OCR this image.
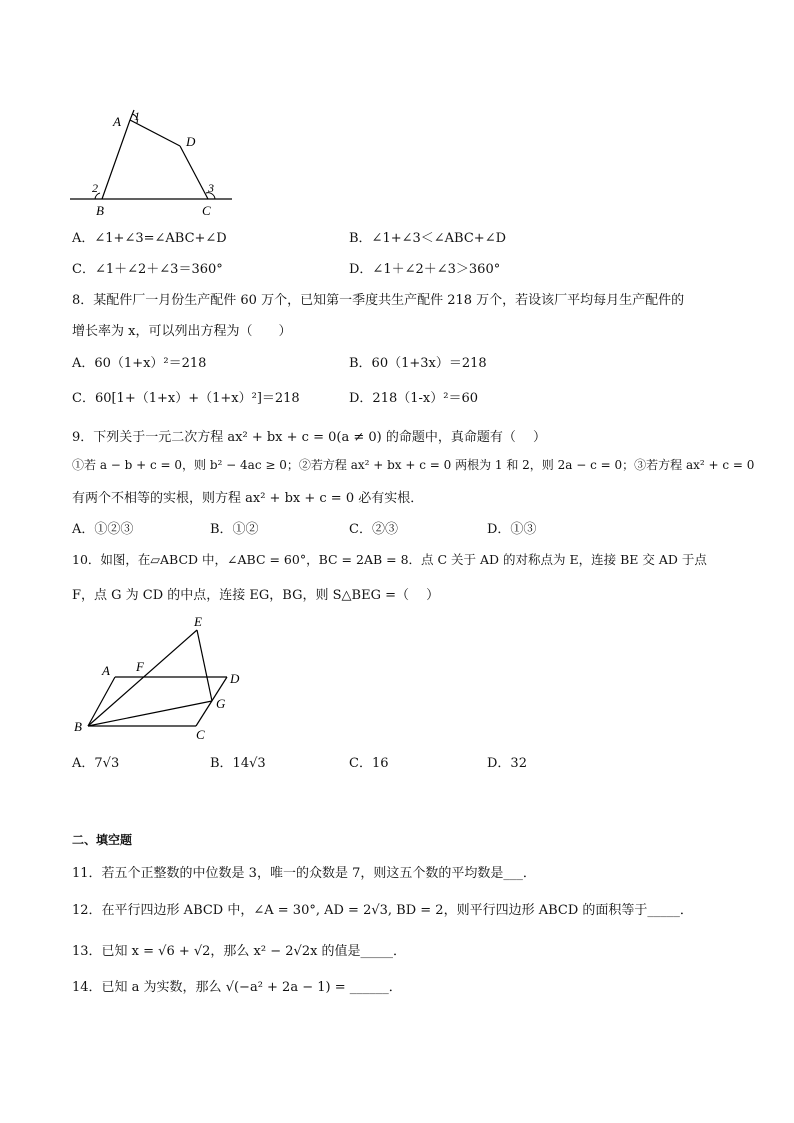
A 1
D
2	3
B	C
A．∠1+∠3=∠ABC+∠D	B．∠1+∠3＜∠ABC+∠D
C．∠1＋∠2＋∠3＝360°	D．∠1＋∠2＋∠3＞360°
8．某配件厂一月份生产配件 60 万个，已知第一季度共生产配件 218 万个，若设该厂平均每月生产配件的
增长率为 x，可以列出方程为（　　）
A．60（1+x）²＝218	B．60（1+3x）＝218
C．60[1+（1+x）+（1+x）²]＝218	D．218（1-x）²＝60
9．下列关于一元二次方程 ax² + bx + c = 0(a ≠ 0) 的命题中，真命题有（　 ）
①若 a − b + c = 0，则 b² − 4ac ≥ 0；②若方程 ax² + bx + c = 0 两根为 1 和 2，则 2a − c = 0；③若方程 ax² + c = 0
有两个不相等的实根，则方程 ax² + bx + c = 0 必有实根．
A．①②③	B．①②	C．②③	D．①③
10．如图，在▱ABCD 中，∠ABC = 60°，BC = 2AB = 8．点 C 关于 AD 的对称点为 E，连接 BE 交 AD 于点
F，点 G 为 CD 的中点，连接 EG，BG，则 S△BEG =（　 ）
E
A F
D
G
B
C
A．7√3	B．14√3	C．16	D．32
二、填空题
11．若五个正整数的中位数是 3，唯一的众数是 7，则这五个数的平均数是___．
12．在平行四边形 ABCD 中，∠A = 30°, AD = 2√3, BD = 2，则平行四边形 ABCD 的面积等于_____．
13．已知 x = √6 + √2，那么 x² − 2√2x 的值是_____．
14．已知 a 为实数，那么 √(−a² + 2a − 1) = ______．
